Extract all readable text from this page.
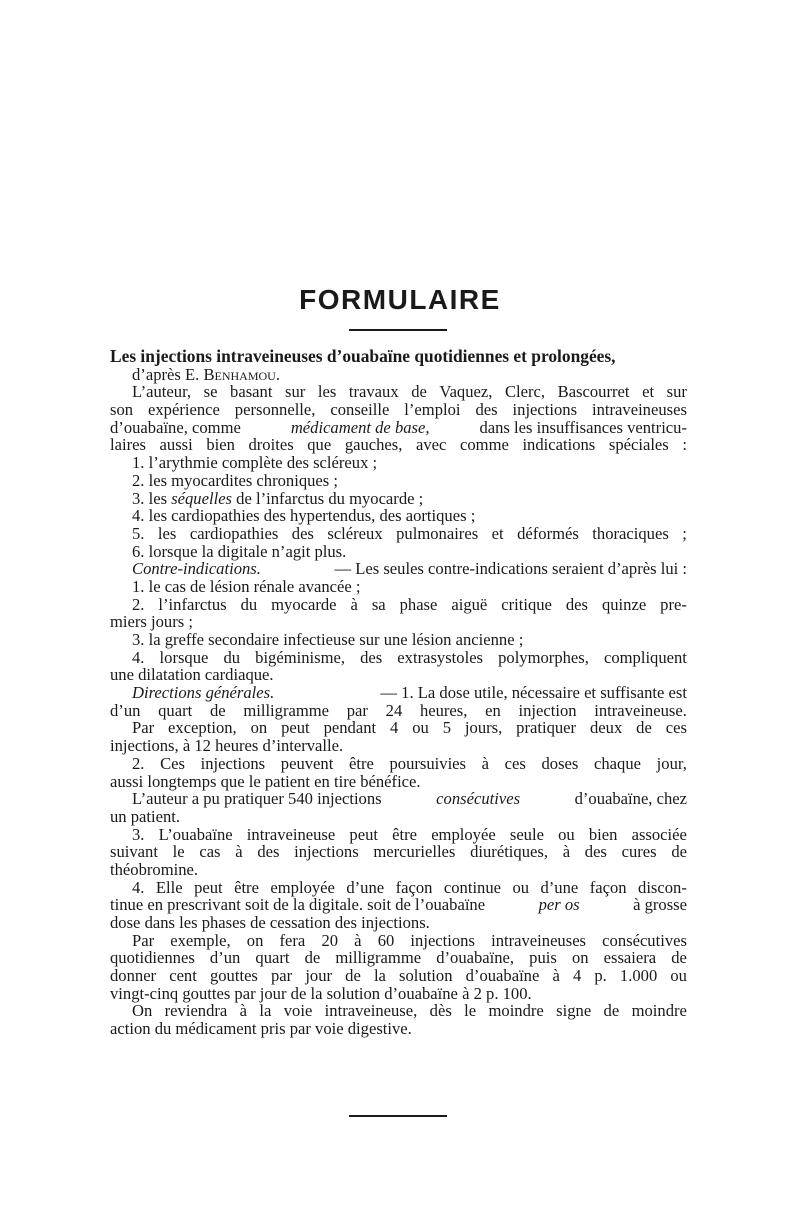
FORMULAIRE
Les injections intraveineuses d’ouabaïne quotidiennes et prolongées,
d’après E. Benhamou.
L’auteur, se basant sur les travaux de Vaquez, Clerc, Bascourret et sur
son expérience personnelle, conseille l’emploi des injections intraveineuses
d’ouabaïne, comme	médicament de base,	dans les insuffisances ventricu-
laires aussi bien droites que gauches, avec comme indications spéciales :
1. l’arythmie complète des scléreux ;
2. les myocardites chroniques ;
3. les séquelles de l’infarctus du myocarde ;
4. les cardiopathies des hypertendus, des aortiques ;
5. les cardiopathies des scléreux pulmonaires et déformés thoraciques ;
6. lorsque la digitale n’agit plus.
Contre-indications.	— Les seules contre-indications seraient d’après lui :
1. le cas de lésion rénale avancée ;
2. l’infarctus du myocarde à sa phase aiguë critique des quinze pre-
miers jours ;
3. la greffe secondaire infectieuse sur une lésion ancienne ;
4. lorsque du bigéminisme, des extrasystoles polymorphes, compliquent
une dilatation cardiaque.
Directions générales.	— 1. La dose utile, nécessaire et suffisante est
d’un quart de milligramme par 24 heures, en injection intraveineuse.
Par exception, on peut pendant 4 ou 5 jours, pratiquer deux de ces
injections, à 12 heures d’intervalle.
2. Ces injections peuvent être poursuivies à ces doses chaque jour,
aussi longtemps que le patient en tire bénéfice.
L’auteur a pu pratiquer 540 injections	consécutives	d’ouabaïne, chez
un patient.
3. L’ouabaïne intraveineuse peut être employée seule ou bien associée
suivant le cas à des injections mercurielles diurétiques, à des cures de
théobromine.
4. Elle peut être employée d’une façon continue ou d’une façon discon-
tinue en prescrivant soit de la digitale. soit de l’ouabaïne	per os	à grosse
dose dans les phases de cessation des injections.
Par exemple, on fera 20 à 60 injections intraveineuses consécutives
quotidiennes d’un quart de milligramme d’ouabaïne, puis on essaiera de
donner cent gouttes par jour de la solution d’ouabaïne à 4 p. 1.000 ou
vingt-cinq gouttes par jour de la solution d’ouabaïne à 2 p. 100.
On reviendra à la voie intraveineuse, dès le moindre signe de moindre
action du médicament pris par voie digestive.
